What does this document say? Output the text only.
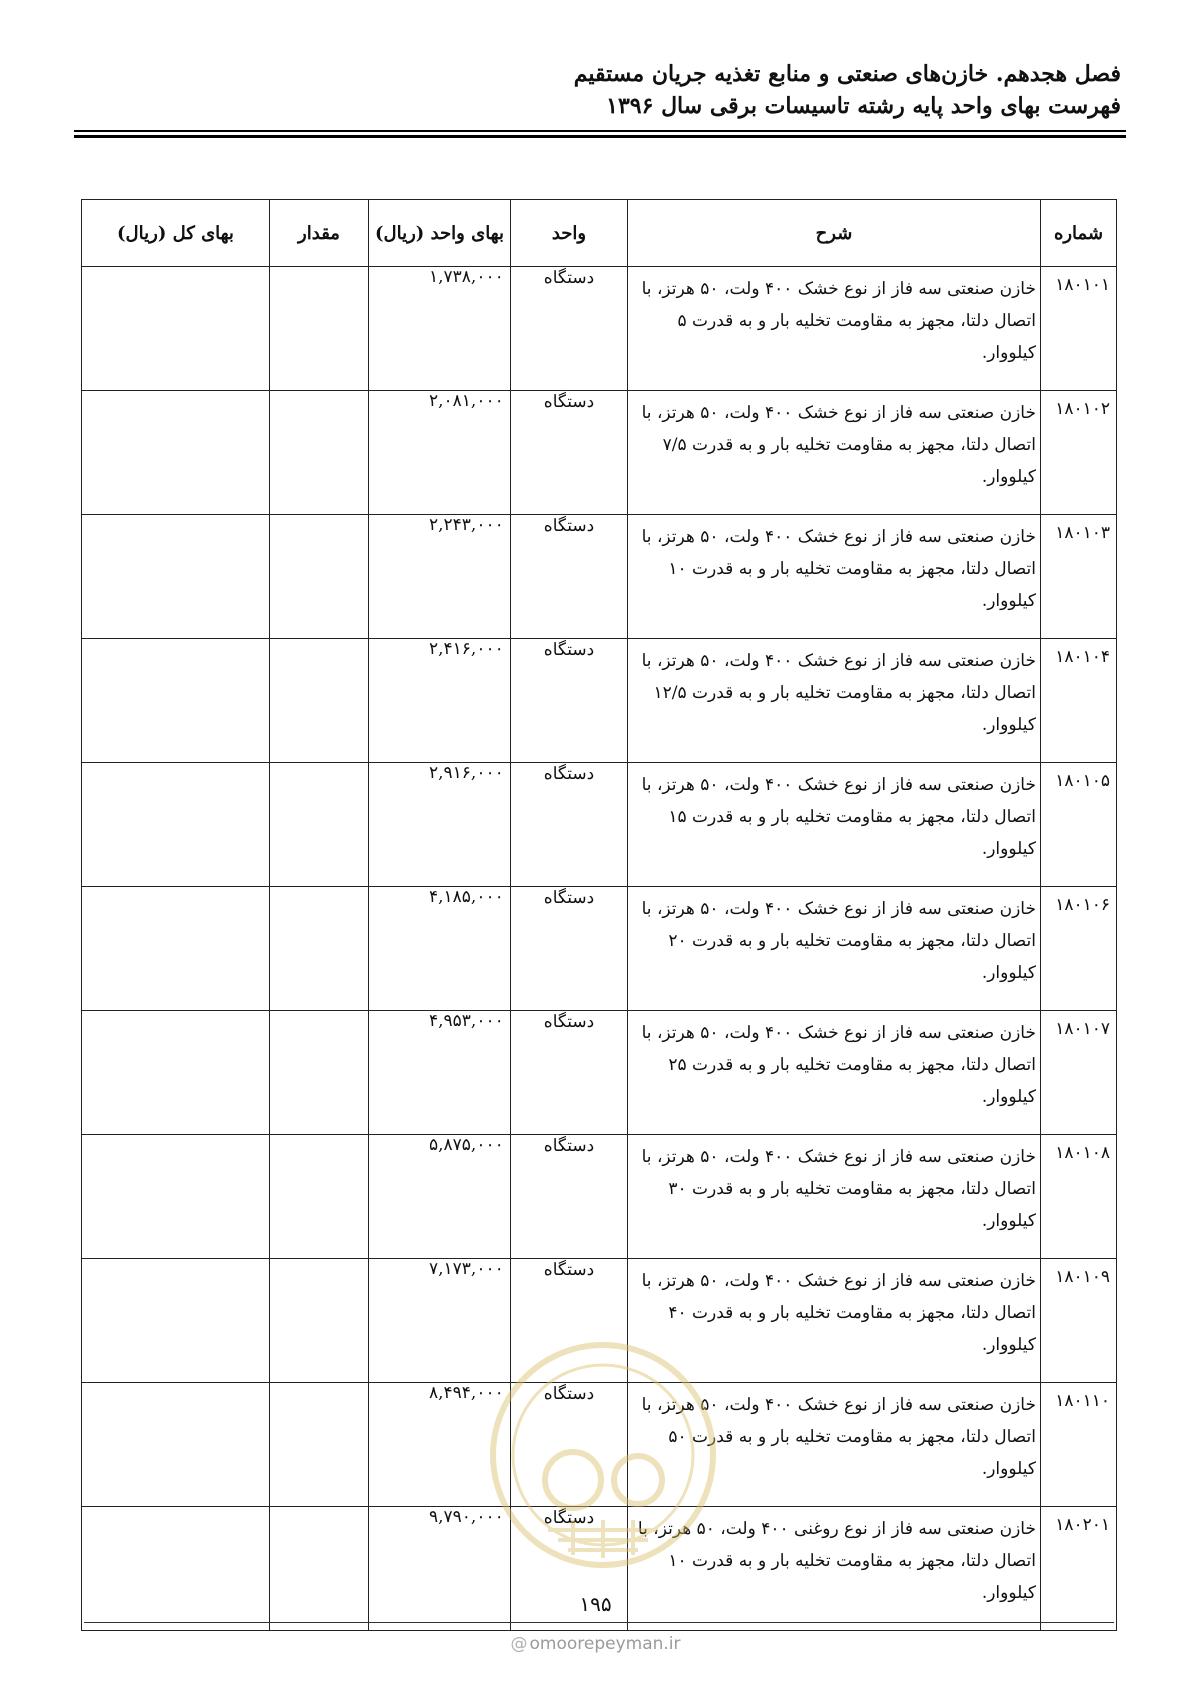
فصل هجدهم. خازن‌های صنعتی و منابع تغذیه جریان مستقیم
فهرست بهای واحد پایه رشته تاسیسات برقی سال ۱۳۹۶
شماره	شرح	واحد	بهای واحد (ریال)	مقدار	بهای کل (ریال)
۱۸۰۱۰۱	خازن صنعتی سه فاز از نوع خشک ۴۰۰ ولت، ۵۰ هرتز، با اتصال دلتا، مجهز به مقاومت تخلیه بار و به قدرت ۵ کیلووار.	دستگاه	۱,۷۳۸,۰۰۰		
۱۸۰۱۰۲	خازن صنعتی سه فاز از نوع خشک ۴۰۰ ولت، ۵۰ هرتز، با اتصال دلتا، مجهز به مقاومت تخلیه بار و به قدرت ۷/۵ کیلووار.	دستگاه	۲,۰۸۱,۰۰۰		
۱۸۰۱۰۳	خازن صنعتی سه فاز از نوع خشک ۴۰۰ ولت، ۵۰ هرتز، با اتصال دلتا، مجهز به مقاومت تخلیه بار و به قدرت ۱۰ کیلووار.	دستگاه	۲,۲۴۳,۰۰۰		
۱۸۰۱۰۴	خازن صنعتی سه فاز از نوع خشک ۴۰۰ ولت، ۵۰ هرتز، با اتصال دلتا، مجهز به مقاومت تخلیه بار و به قدرت ۱۲/۵ کیلووار.	دستگاه	۲,۴۱۶,۰۰۰		
۱۸۰۱۰۵	خازن صنعتی سه فاز از نوع خشک ۴۰۰ ولت، ۵۰ هرتز، با اتصال دلتا، مجهز به مقاومت تخلیه بار و به قدرت ۱۵ کیلووار.	دستگاه	۲,۹۱۶,۰۰۰		
۱۸۰۱۰۶	خازن صنعتی سه فاز از نوع خشک ۴۰۰ ولت، ۵۰ هرتز، با اتصال دلتا، مجهز به مقاومت تخلیه بار و به قدرت ۲۰ کیلووار.	دستگاه	۴,۱۸۵,۰۰۰		
۱۸۰۱۰۷	خازن صنعتی سه فاز از نوع خشک ۴۰۰ ولت، ۵۰ هرتز، با اتصال دلتا، مجهز به مقاومت تخلیه بار و به قدرت ۲۵ کیلووار.	دستگاه	۴,۹۵۳,۰۰۰		
۱۸۰۱۰۸	خازن صنعتی سه فاز از نوع خشک ۴۰۰ ولت، ۵۰ هرتز، با اتصال دلتا، مجهز به مقاومت تخلیه بار و به قدرت ۳۰ کیلووار.	دستگاه	۵,۸۷۵,۰۰۰		
۱۸۰۱۰۹	خازن صنعتی سه فاز از نوع خشک ۴۰۰ ولت، ۵۰ هرتز، با اتصال دلتا، مجهز به مقاومت تخلیه بار و به قدرت ۴۰ کیلووار.	دستگاه	۷,۱۷۳,۰۰۰		
۱۸۰۱۱۰	خازن صنعتی سه فاز از نوع خشک ۴۰۰ ولت، ۵۰ هرتز، با اتصال دلتا، مجهز به مقاومت تخلیه بار و به قدرت ۵۰ کیلووار.	دستگاه	۸,۴۹۴,۰۰۰		
۱۸۰۲۰۱	خازن صنعتی سه فاز از نوع روغنی ۴۰۰ ولت، ۵۰ هرتز، با اتصال دلتا، مجهز به مقاومت تخلیه بار و به قدرت ۱۰ کیلووار.	دستگاه	۹,۷۹۰,۰۰۰		
۱۹۵
@ omoorepeyman.ir
